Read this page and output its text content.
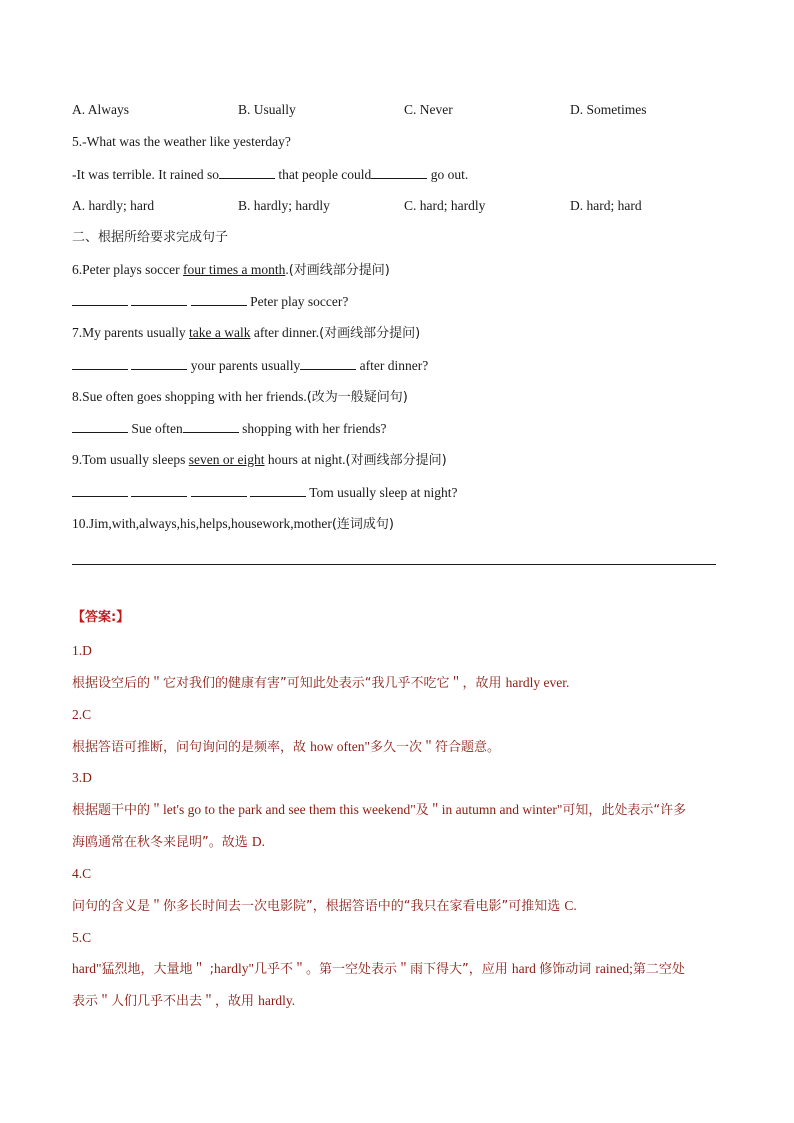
A. Always	B. Usually	C. Never	D. Sometimes
5.-What was the weather like yesterday?
-It was terrible. It rained so	that people could	go out.
A. hardly; hard	B. hardly; hardly	C. hard; hardly	D. hard; hard
二、根据所给要求完成句子
6.Peter plays soccer four times a month.(对画线部分提问)
Peter play soccer?
7.My parents usually take a walk after dinner.(对画线部分提问)
your parents usually	after dinner?
8.Sue often goes shopping with her friends.(改为一般疑问句)
Sue often	shopping with her friends?
9.Tom usually sleeps seven or eight hours at night.(对画线部分提问)
Tom usually sleep at night?
10.Jim,with,always,his,helps,housework,mother(连词成句)
【答案:】
1.D
根据设空后的＂它对我们的健康有害”可知此处表示“我几乎不吃它＂，故用 hardly ever.
2.C
根据答语可推断，问句询问的是频率，故 how often"多久一次＂符合题意。
3.D
根据题干中的＂let's go to the park and see them this weekend"及＂in autumn and winter"可知，此处表示“许多
海鸥通常在秋冬来昆明”。故选 D.
4.C
问句的含义是＂你多长时间去一次电影院”，根据答语中的“我只在家看电影”可推知选 C.
5.C
hard"猛烈地，大量地＂ ;hardly"几乎不＂。第一空处表示＂雨下得大”，应用 hard 修饰动词 rained;第二空处
表示＂人们几乎不出去＂，故用 hardly.
